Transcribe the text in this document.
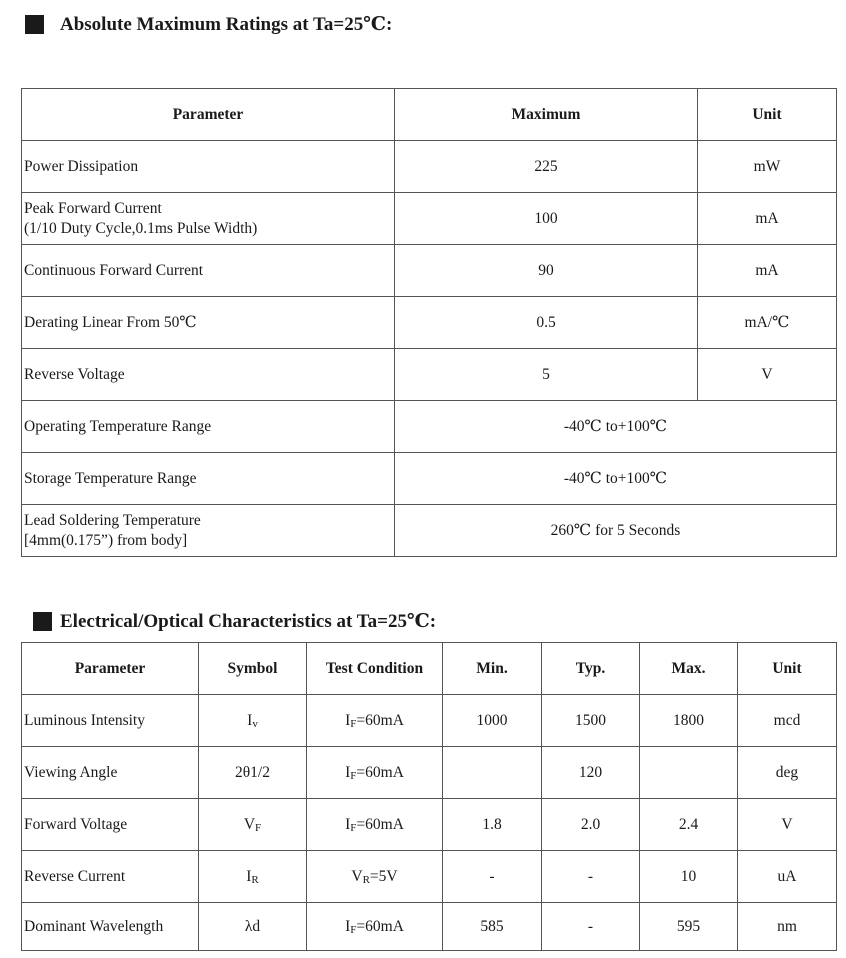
Absolute Maximum Ratings at Ta=25℃:
Parameter	Maximum	Unit

Power Dissipation	225	mW

Peak Forward Current
(1/10 Duty Cycle,0.1ms Pulse Width)	100	mA

Continuous Forward Current	90	mA

Derating Linear From 50℃	0.5	mA/℃

Reverse Voltage	5	V

Operating Temperature Range	-40℃ to+100℃	

Storage Temperature Range	-40℃ to+100℃	

Lead Soldering Temperature
[4mm(0.175”) from body]	260℃ for 5 Seconds	
Electrical/Optical Characteristics at Ta=25℃:
Parameter	Symbol	Test Condition	Min.	Typ.	Max.	Unit
Luminous Intensity	$I_v$	$I_F=60mA$	1000	1500	1800	mcd
Viewing Angle	2θ1/2	$I_F=60mA$		120		deg
Forward Voltage	$V_F$	$I_F=60mA$	1.8	2.0	2.4	V
Reverse Current	$I_R$	$V_R=5V$	-	-	10	uA
Dominant Wavelength	λd	$I_F=60mA$	585	-	595	nm
